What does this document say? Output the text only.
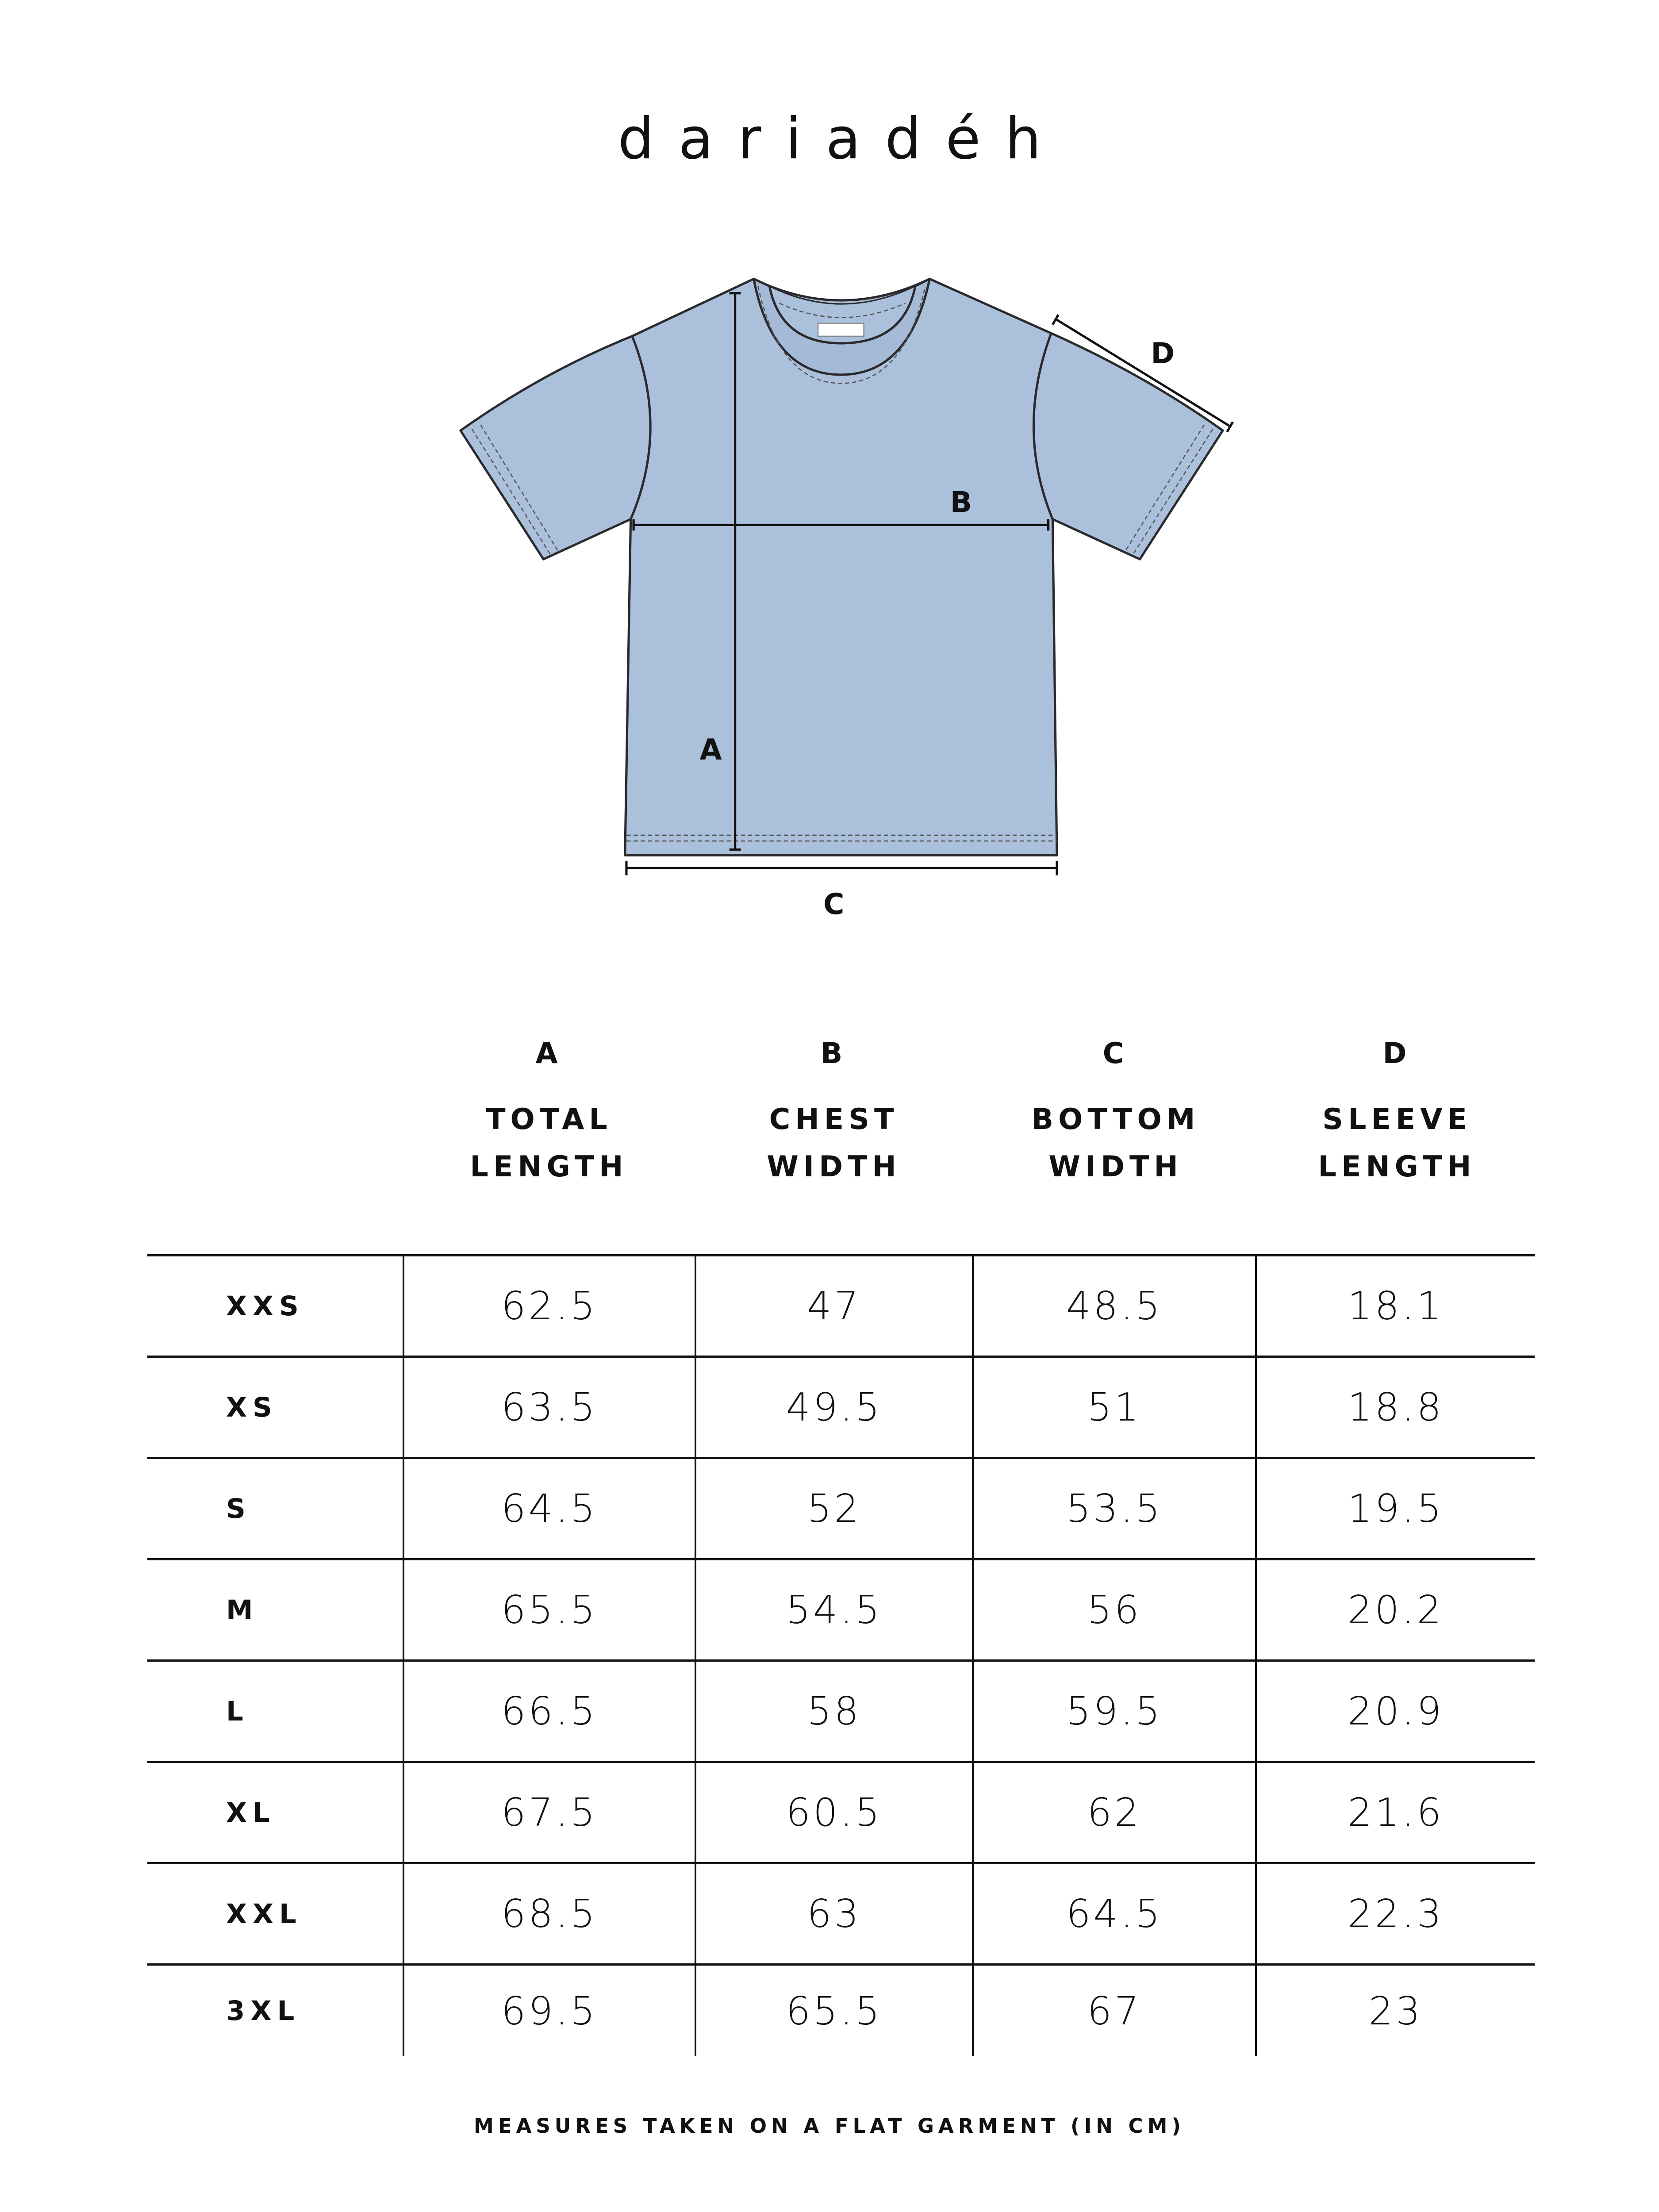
dariadéh
A
B
C
D
A
TOTAL
LENGTH
B
CHEST
WIDTH
C
BOTTOM
WIDTH
D
SLEEVE
LENGTH
XXS	62.5	47	48.5	18.1
XS	63.5	49.5	51	18.8
S	64.5	52	53.5	19.5
M	65.5	54.5	56	20.2
L	66.5	58	59.5	20.9
XL	67.5	60.5	62	21.6
XXL	68.5	63	64.5	22.3
3XL	69.5	65.5	67	23
MEASURES TAKEN ON A FLAT GARMENT (IN CM)
